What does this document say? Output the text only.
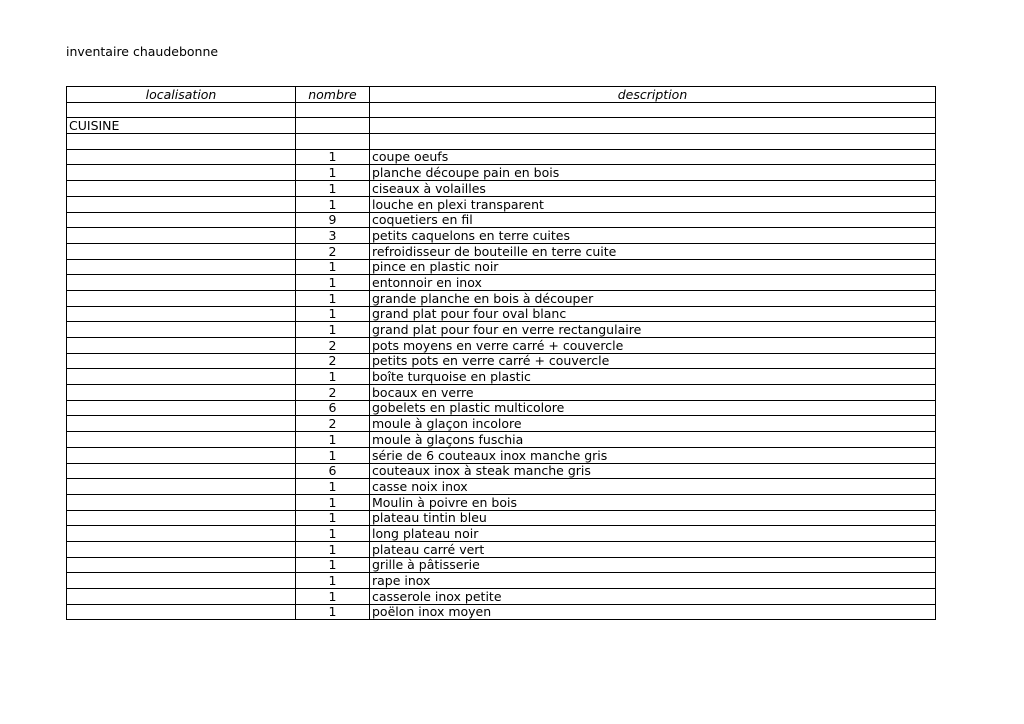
inventaire chaudebonne
localisation	nombre	description

CUISINE		

	1	coupe oeufs
	1	planche découpe pain en bois
	1	ciseaux à volailles
	1	louche en plexi transparent
	9	coquetiers en fil
	3	petits caquelons en terre cuites
	2	refroidisseur de bouteille en terre cuite
	1	pince en plastic noir
	1	entonnoir en inox
	1	grande planche en bois à découper
	1	grand plat pour four oval blanc
	1	grand plat pour four en verre rectangulaire
	2	pots moyens en verre carré + couvercle
	2	petits pots en verre carré + couvercle
	1	boîte turquoise en plastic
	2	bocaux en verre
	6	gobelets en plastic multicolore
	2	moule à glaçon incolore
	1	moule à glaçons fuschia
	1	série de 6 couteaux inox manche gris
	6	couteaux inox à steak manche gris
	1	casse noix inox
	1	Moulin à poivre en bois
	1	plateau tintin bleu
	1	long plateau noir
	1	plateau carré vert
	1	grille à pâtisserie
	1	rape inox
	1	casserole inox petite
	1	poëlon inox moyen
